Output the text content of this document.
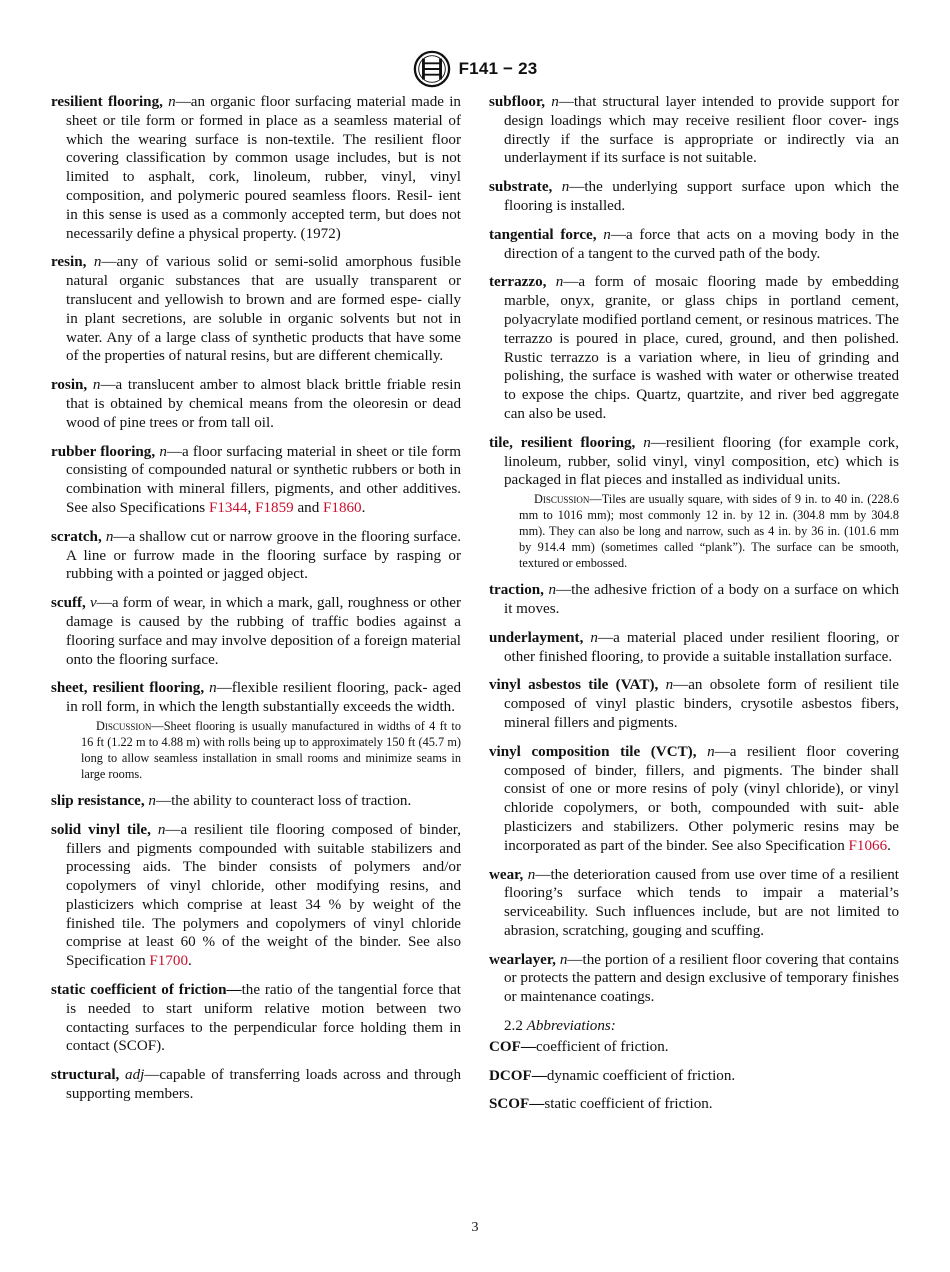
F141 − 23

resilient flooring, n—an organic floor surfacing material made in sheet or tile form or formed in place as a seamless material of which the wearing surface is non-textile. The resilient floor covering classification by common usage includes, but is not limited to asphalt, cork, linoleum, rubber, vinyl, vinyl composition, and polymeric poured seamless floors. Resil- ient in this sense is used as a commonly accepted term, but does not necessarily define a physical property. (1972)

resin, n—any of various solid or semi-solid amorphous fusible natural organic substances that are usually transparent or translucent and yellowish to brown and are formed espe- cially in plant secretions, are soluble in organic solvents but not in water. Any of a large class of synthetic products that have some of the properties of natural resins, but are different chemically.

rosin, n—a translucent amber to almost black brittle friable resin that is obtained by chemical means from the oleoresin or dead wood of pine trees or from tall oil.

rubber flooring, n—a floor surfacing material in sheet or tile form consisting of compounded natural or synthetic rubbers or both in combination with mineral fillers, pigments, and other additives. See also Specifications F1344, F1859 and F1860.

scratch, n—a shallow cut or narrow groove in the flooring surface. A line or furrow made in the flooring surface by rasping or rubbing with a pointed or jagged object.

scuff, v—a form of wear, in which a mark, gall, roughness or other damage is caused by the rubbing of traffic bodies against a flooring surface and may involve deposition of a foreign material onto the flooring surface.

sheet, resilient flooring, n—flexible resilient flooring, pack- aged in roll form, in which the length substantially exceeds the width.

Discussion—Sheet flooring is usually manufactured in widths of 4 ft to 16 ft (1.22 m to 4.88 m) with rolls being up to approximately 150 ft (45.7 m) long to allow seamless installation in small rooms and minimize seams in large rooms.

slip resistance, n—the ability to counteract loss of traction.

solid vinyl tile, n—a resilient tile flooring composed of binder, fillers and pigments compounded with suitable stabilizers and processing aids. The binder consists of polymers and/or copolymers of vinyl chloride, other modifying resins, and plasticizers which comprise at least 34 % by weight of the finished tile. The polymers and copolymers of vinyl chloride comprise at least 60 % of the weight of the binder. See also Specification F1700.

static coefficient of friction—the ratio of the tangential force that is needed to start uniform relative motion between two contacting surfaces to the perpendicular force holding them in contact (SCOF).

structural, adj—capable of transferring loads across and through supporting members.

subfloor, n—that structural layer intended to provide support for design loadings which may receive resilient floor cover- ings directly if the surface is appropriate or indirectly via an underlayment if its surface is not suitable.

substrate, n—the underlying support surface upon which the flooring is installed.

tangential force, n—a force that acts on a moving body in the direction of a tangent to the curved path of the body.

terrazzo, n—a form of mosaic flooring made by embedding marble, onyx, granite, or glass chips in portland cement, polyacrylate modified portland cement, or resinous matrices. The terrazzo is poured in place, cured, ground, and then polished. Rustic terrazzo is a variation where, in lieu of grinding and polishing, the surface is washed with water or otherwise treated to expose the chips. Quartz, quartzite, and river bed aggregate can also be used.

tile, resilient flooring, n—resilient flooring (for example cork, linoleum, rubber, solid vinyl, vinyl composition, etc) which is packaged in flat pieces and installed as individual units.

Discussion—Tiles are usually square, with sides of 9 in. to 40 in. (228.6 mm to 1016 mm); most commonly 12 in. by 12 in. (304.8 mm by 304.8 mm). They can also be long and narrow, such as 4 in. by 36 in. (101.6 mm by 914.4 mm) (sometimes called “plank”). The surface can be smooth, textured or embossed.

traction, n—the adhesive friction of a body on a surface on which it moves.

underlayment, n—a material placed under resilient flooring, or other finished flooring, to provide a suitable installation surface.

vinyl asbestos tile (VAT), n—an obsolete form of resilient tile composed of vinyl plastic binders, crysotile asbestos fibers, mineral fillers and pigments.

vinyl composition tile (VCT), n—a resilient floor covering composed of binder, fillers, and pigments. The binder shall consist of one or more resins of poly (vinyl chloride), or vinyl chloride copolymers, or both, compounded with suit- able plasticizers and stabilizers. Other polymeric resins may be incorporated as part of the binder. See also Specification F1066.

wear, n—the deterioration caused from use over time of a resilient flooring’s surface which tends to impair a material’s serviceability. Such influences include, but are not limited to abrasion, scratching, gouging and scuffing.

wearlayer, n—the portion of a resilient floor covering that contains or protects the pattern and design exclusive of temporary finishes or maintenance coatings.

2.2 Abbreviations:

COF—coefficient of friction.

DCOF—dynamic coefficient of friction.

SCOF—static coefficient of friction.

3
